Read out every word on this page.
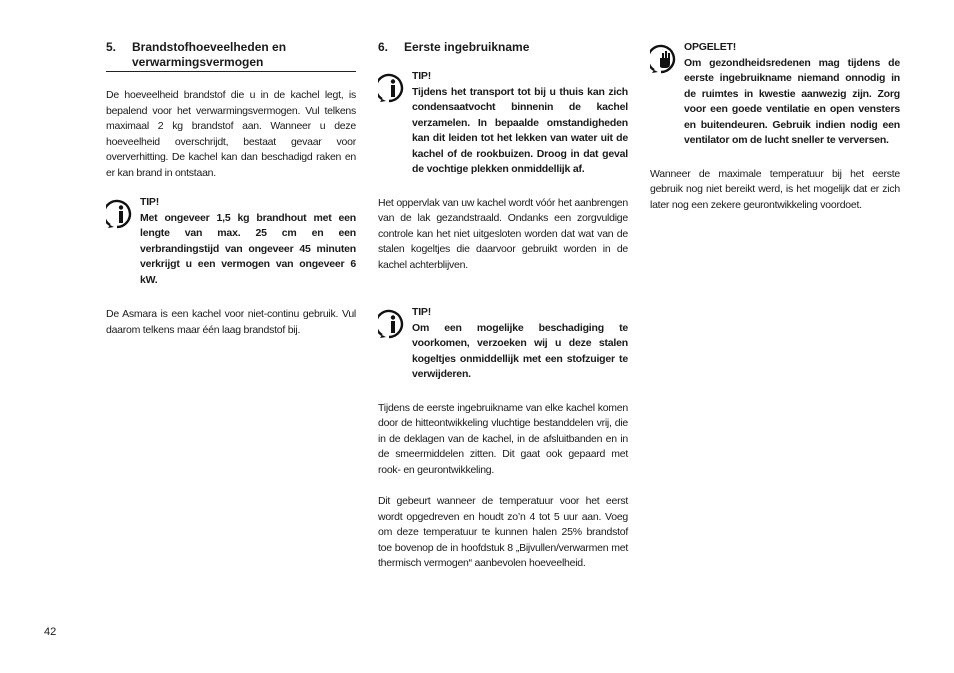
5.	Brandstofhoeveelheden en verwarmingsvermogen

De hoeveelheid brandstof die u in de kachel legt, is bepalend voor het verwarmingsvermogen. Vul telkens maximaal 2 kg brandstof aan. Wanneer u deze hoeveelheid overschrijdt, bestaat gevaar voor oververhitting. De kachel kan dan beschadigd raken en er kan brand in ontstaan.

TIP!
Met ongeveer 1,5 kg brandhout met een lengte van max. 25 cm en een verbrandingstijd van ongeveer 45 minuten verkrijgt u een vermogen van ongeveer 6 kW.

De Asmara is een kachel voor niet-continu gebruik. Vul daarom telkens maar één laag brandstof bij.

6.	Eerste ingebruikname
TIP!
Tijdens het transport tot bij u thuis kan zich condensaatvocht binnenin de kachel verzamelen. In bepaalde omstandigheden kan dit leiden tot het lekken van water uit de kachel of de rookbuizen. Droog in dat geval de vochtige plekken onmiddellijk af.

Het oppervlak van uw kachel wordt vóór het aanbrengen van de lak gezandstraald. Ondanks een zorgvuldige controle kan het niet uitgesloten worden dat wat van de stalen kogeltjes die daarvoor gebruikt worden in de kachel achterblijven.

TIP!
Om een mogelijke beschadiging te voorkomen, verzoeken wij u deze stalen kogeltjes onmiddellijk met een stofzuiger te verwijderen.

Tijdens de eerste ingebruikname van elke kachel komen door de hitteontwikkeling vluchtige bestanddelen vrij, die in de deklagen van de kachel, in de afsluitbanden en in de smeermiddelen zitten. Dit gaat ook gepaard met rook- en geurontwikkeling.

Dit gebeurt wanneer de temperatuur voor het eerst wordt opgedreven en houdt zo’n 4 tot 5 uur aan. Voeg om deze temperatuur te kunnen halen 25% brandstof toe bovenop de in hoofdstuk 8 „Bijvullen/verwarmen met thermisch vermogen“ aanbevolen hoeveelheid.

OPGELET!
Om gezondheidsredenen mag tijdens de eerste ingebruikname niemand onnodig in de ruimtes in kwestie aanwezig zijn. Zorg voor een goede ventilatie en open vensters en buitendeuren. Gebruik indien nodig een ventilator om de lucht sneller te verversen.

Wanneer de maximale temperatuur bij het eerste gebruik nog niet bereikt werd, is het mogelijk dat er zich later nog een zekere geurontwikkeling voordoet.

42
